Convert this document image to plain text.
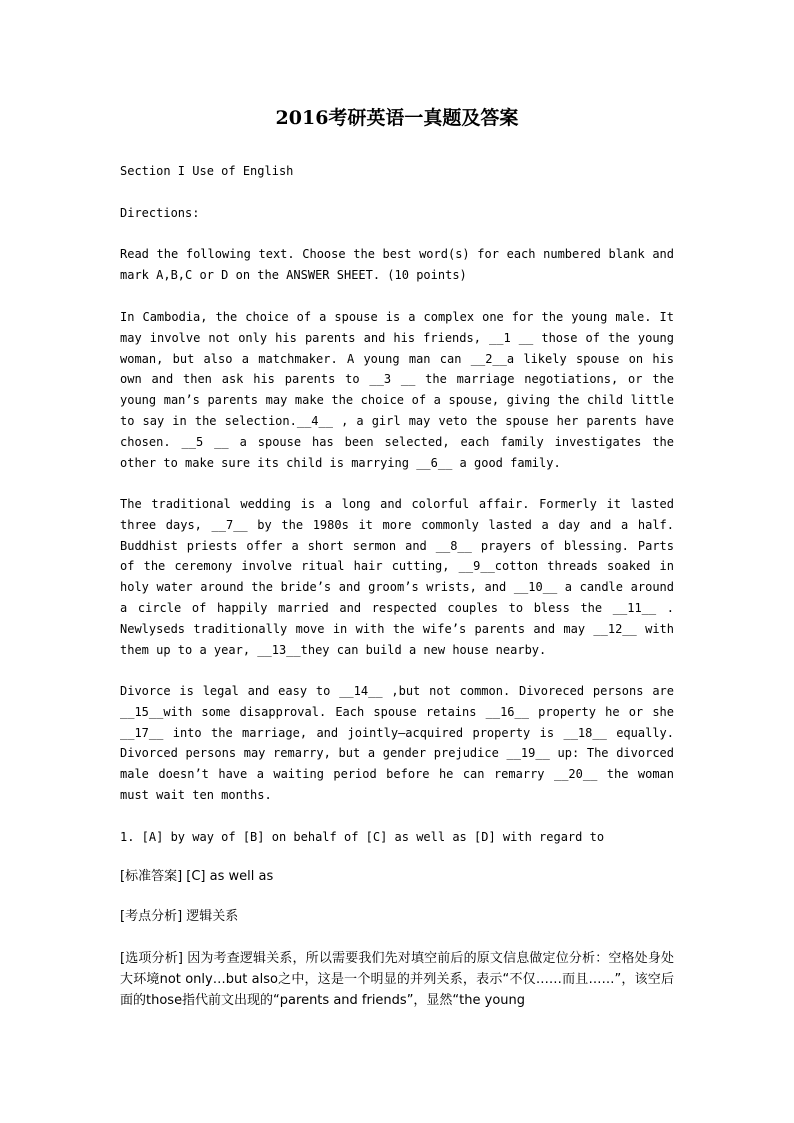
2016考研英语一真题及答案

Section I Use of English

Directions:

Read the following text. Choose the best word(s) for each numbered blank and mark A,B,C or D on the ANSWER SHEET. (10 points)

In Cambodia, the choice of a spouse is a complex one for the young male. It may involve not only his parents and his friends, __1 __ those of the young woman, but also a matchmaker. A young man can __2__a likely spouse on his own and then ask his parents to __3 __ the marriage negotiations, or the young man’s parents may make the choice of a spouse, giving the child little to say in the selection.__4__ , a girl may veto the spouse her parents have chosen. __5 __ a spouse has been selected, each family investigates the other to make sure its child is marrying __6__ a good family.

The traditional wedding is a long and colorful affair. Formerly it lasted three days, __7__ by the 1980s it more commonly lasted a day and a half. Buddhist priests offer a short sermon and __8__ prayers of blessing. Parts of the ceremony involve ritual hair cutting, __9__cotton threads soaked in holy water around the bride’s and groom’s wrists, and __10__ a candle around a circle of happily married and respected couples to bless the __11__ . Newlyseds traditionally move in with the wife’s parents and may __12__ with them up to a year, __13__they can build a new house nearby.

Divorce is legal and easy to __14__ ,but not common. Divoreced persons are __15__with some disapproval. Each spouse retains __16__ property he or she __17__ into the marriage, and jointly—acquired property is __18__ equally. Divorced persons may remarry, but a gender prejudice __19__ up: The divorced male doesn’t have a waiting period before he can remarry __20__ the woman must wait ten months.

1. [A] by way of [B] on behalf of [C] as well as [D] with regard to

[标准答案] [C] as well as

[考点分析] 逻辑关系

[选项分析] 因为考查逻辑关系，所以需要我们先对填空前后的原文信息做定位分析：空格处身处大环境not only…but also之中，这是一个明显的并列关系，表示“不仅……而且……”，该空后面的those指代前文出现的“parents and friends”，显然“the young
